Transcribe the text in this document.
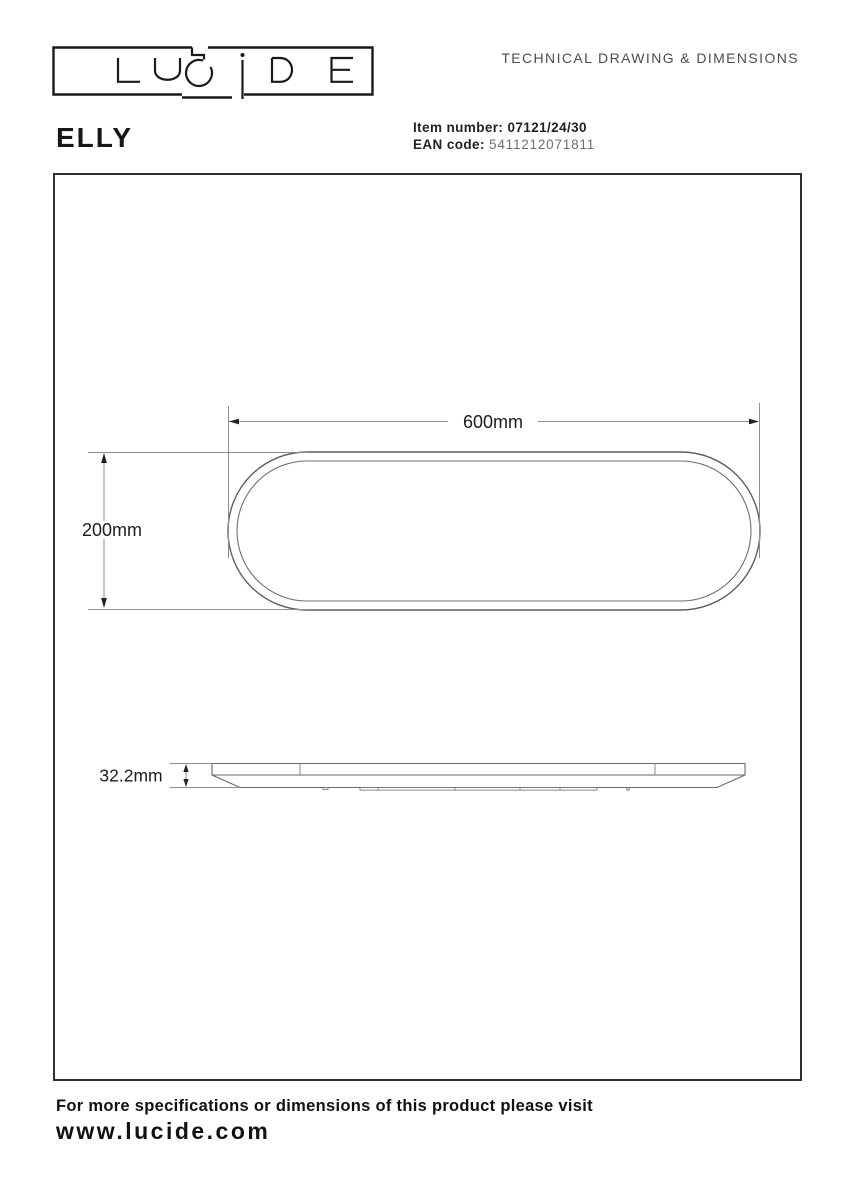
TECHNICAL DRAWING & DIMENSIONS
ELLY	Item number: 07121/24/30
EAN code: 5411212071811
600mm
200mm
32.2mm
For more specifications or dimensions of this product please visit
www.lucide.com
